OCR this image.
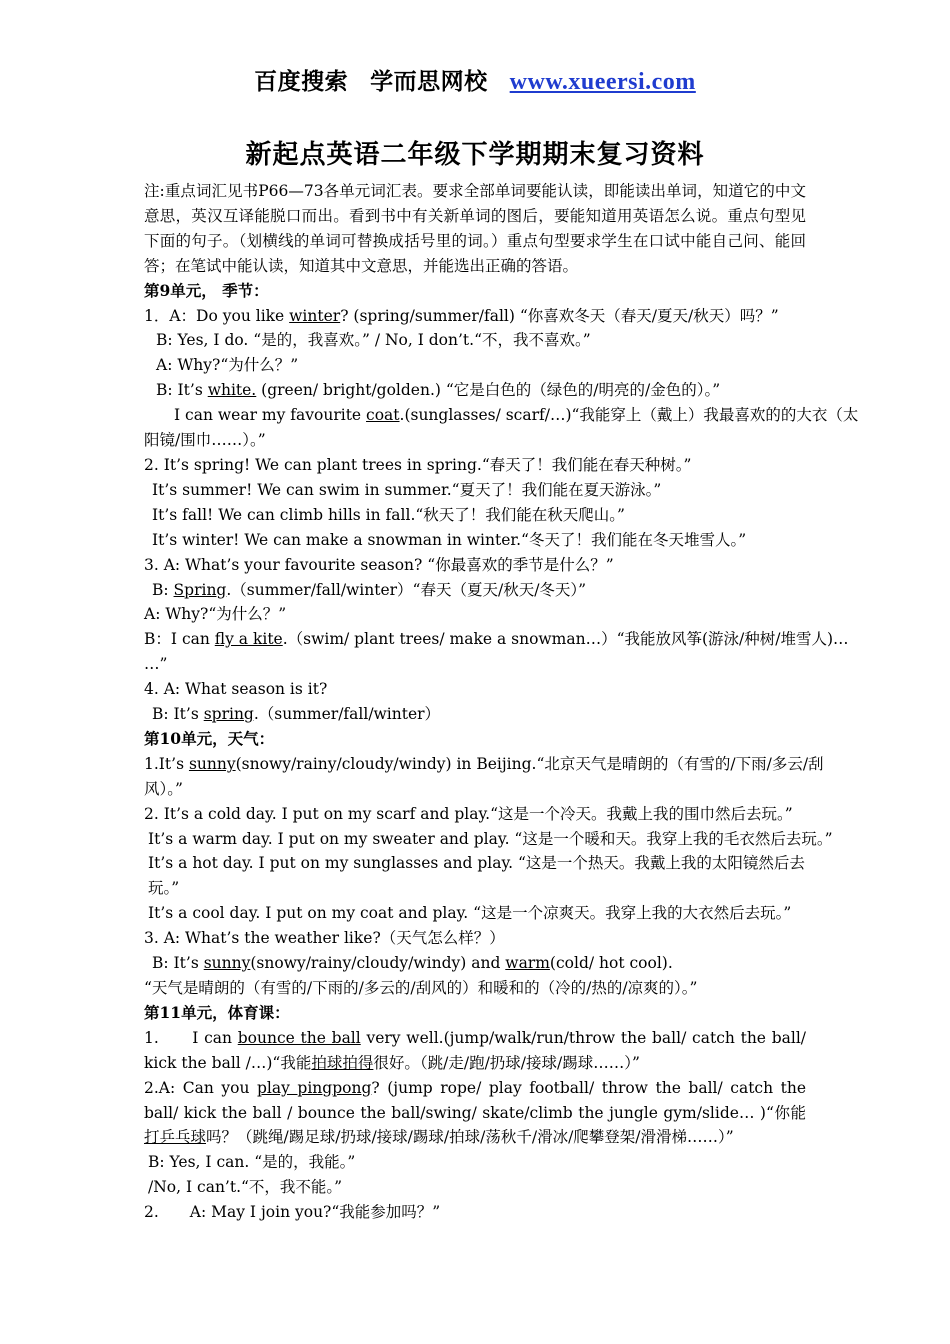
百度搜索 学而思网校 www.xueersi.com
新起点英语二年级下学期期末复习资料

注:重点词汇见书P66—73各单元词汇表。要求全部单词要能认读，即能读出单词，知道它的中文意思，英汉互译能脱口而出。看到书中有关新单词的图后，要能知道用英语怎么说。重点句型见下面的句子。（划横线的单词可替换成括号里的词。）重点句型要求学生在口试中能自己问、能回答；在笔试中能认读，知道其中文意思，并能选出正确的答语。

第9单元， 季节：

1．A：Do you like winter? (spring/summer/fall) “你喜欢冬天（春天/夏天/秋天）吗？”

B: Yes, I do. “是的，我喜欢。” / No, I don’t.“不，我不喜欢。”

A: Why?“为什么？”

B: It’s white. (green/ bright/golden.) “它是白色的（绿色的/明亮的/金色的）。”

I can wear my favourite coat.(sunglasses/ scarf/…)“我能穿上（戴上）我最喜欢的的大衣（太

阳镜/围巾……）。”

2. It’s spring! We can plant trees in spring.“春天了！我们能在春天种树。”

It’s summer! We can swim in summer.“夏天了！我们能在夏天游泳。”

It’s fall! We can climb hills in fall.“秋天了！我们能在秋天爬山。”

It’s winter! We can make a snowman in winter.“冬天了！我们能在冬天堆雪人。”

3. A: What’s your favourite season? “你最喜欢的季节是什么？”

B: Spring.（summer/fall/winter）“春天（夏天/秋天/冬天）”

A: Why?“为什么？”

B：I can fly a kite.（swim/ plant trees/ make a snowman…）“我能放风筝(游泳/种树/堆雪人)…

…”

4. A: What season is it?

B: It’s spring.（summer/fall/winter）

第10单元，天气：

1.It’s sunny(snowy/rainy/cloudy/windy) in Beijing.“北京天气是晴朗的（有雪的/下雨/多云/刮

风）。”

2. It’s a cold day. I put on my scarf and play.“这是一个冷天。我戴上我的围巾然后去玩。”

It’s a warm day. I put on my sweater and play. “这是一个暖和天。我穿上我的毛衣然后去玩。”

It’s a hot day. I put on my sunglasses and play. “这是一个热天。我戴上我的太阳镜然后去玩。”

It’s a cool day. I put on my coat and play. “这是一个凉爽天。我穿上我的大衣然后去玩。”

3. A: What’s the weather like?（天气怎么样？）

B: It’s sunny(snowy/rainy/cloudy/windy) and warm(cold/ hot cool).

“天气是晴朗的（有雪的/下雨的/多云的/刮风的）和暖和的（冷的/热的/凉爽的）。”

第11单元，体育课：

1.　　I can bounce the ball very well.(jump/walk/run/throw the ball/ catch the ball/ kick the ball /…)“我能拍球拍得很好。（跳/走/跑/扔球/接球/踢球……）”

2.A: Can you play pingpong? (jump rope/ play football/ throw the ball/ catch the ball/ kick the ball / bounce the ball/swing/ skate/climb the jungle gym/slide… )“你能打乒乓球吗？（跳绳/踢足球/扔球/接球/踢球/拍球/荡秋千/滑冰/爬攀登架/滑滑梯……）”

B: Yes, I can. “是的，我能。”

/No, I can’t.“不，我不能。”

2.　　A: May I join you?“我能参加吗？”
